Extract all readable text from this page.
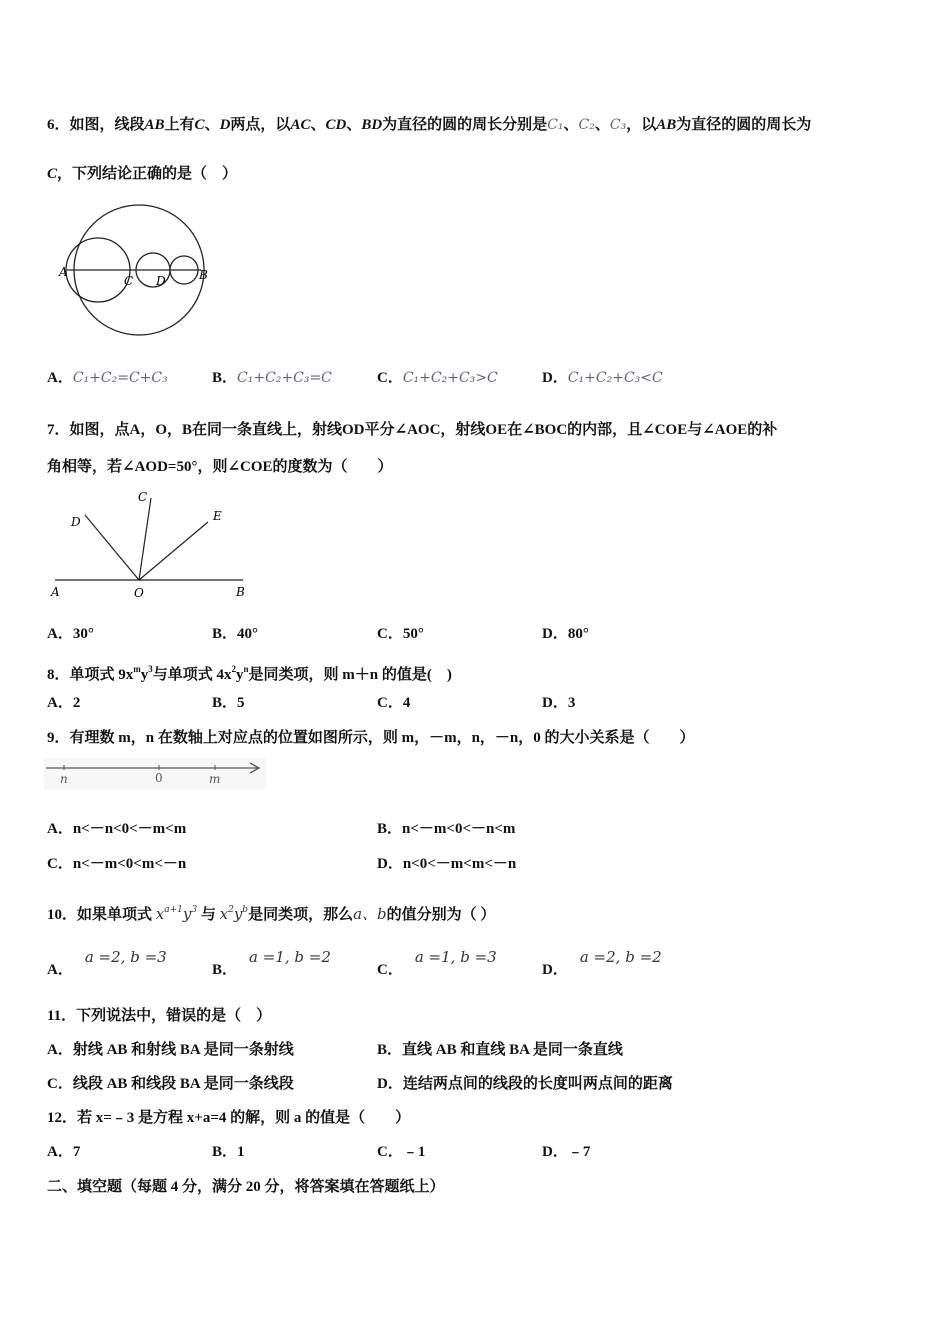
6．如图，线段AB上有C、D两点，以AC、CD、BD为直径的圆的周长分别是C₁、C₂、C₃，以AB为直径的圆的周长为
C，下列结论正确的是（　）
A
C D	B
A．C₁+C₂=C+C₃	B．C₁+C₂+C₃=C	C．C₁+C₂+C₃>C	D．C₁+C₂+C₃<C
7．如图，点A，O，B在同一条直线上，射线OD平分∠AOC，射线OE在∠BOC的内部，且∠COE与∠AOE的补
角相等，若∠AOD=50°，则∠COE的度数为（　　）
A	O	B
C
D	E
A．30°	B．40°	C．50°	D．80°
8．单项式 $9x^my^3$与单项式 $4x^2y^n$是同类项，则 m＋n 的值是(　)
A．2	B．5	C．4	D．3
9．有理数 m，n 在数轴上对应点的位置如图所示，则 m，－m，n，－n，0 的大小关系是（　　）
n	0	m
A．n<－n<0<－m<m	B．n<－m<0<－n<m
C．n<－m<0<m<－n	D．n<0<－m<m<－n
10．如果单项式 $x^{a+1}y^3$ 与 $x^2y^b$是同类项，那么a、b的值分别为（ ）
A．a =2, b =3
B．a =1, b =2
C．a =1, b =3
D．a =2, b =2
11．下列说法中，错误的是（　）
A．射线 AB 和射线 BA 是同一条射线	B．直线 AB 和直线 BA 是同一条直线
C．线段 AB 和线段 BA 是同一条线段	D．连结两点间的线段的长度叫两点间的距离
12．若 x=﹣3 是方程 x+a=4 的解，则 a 的值是（　　）
A．7	B．1	C．﹣1	D．﹣7
二、填空题（每题 4 分，满分 20 分，将答案填在答题纸上）
